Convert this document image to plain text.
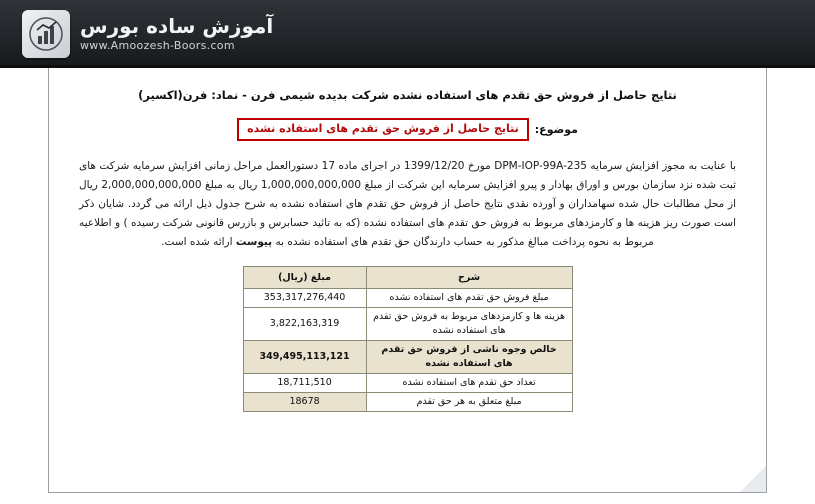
آموزش ساده بورس
www.Amoozesh-Boors.com
نتایج حاصل از فروش حق تقدم های استفاده نشده شرکت بدیده شیمی فرن - نماد: فرن(اکسیر)
موضوع:
نتایج حاصل از فروش حق تقدم های استفاده نشده
با عنایت به مجوز افزایش سرمایه DPM-IOP-99A-235 مورخ 1399/12/20 در اجرای ماده 17 دستورالعمل مراحل زمانی افزایش سرمایه شرکت های ثبت شده نزد سازمان بورس و اوراق بهادار و پیرو افزایش سرمایه این شرکت از مبلغ 1,000,000,000,000 ریال به مبلغ 2,000,000,000,000 ریال از محل مطالبات حال شده سهامداران و آورده نقدی نتایج حاصل از فروش حق تقدم های استفاده نشده به شرح جدول ذیل ارائه می گردد. شایان ذکر است صورت ریز هزینه ها و کارمزدهای مربوط به فروش حق تقدم های استفاده نشده (که به تائید حسابرس و بازرس قانونی شرکت رسیده ) و اطلاعیه مربوط به نحوه پرداخت مبالغ مذکور به حساب دارندگان حق تقدم های استفاده نشده به پیوست ارائه شده است.
شرح	مبلغ (ریال)
مبلغ فروش حق تقدم های استفاده نشده	353,317,276,440
هزینه ها و کارمزدهای مربوط به فروش حق تقدم های استفاده نشده	3,822,163,319
خالص وجوه ناشی از فروش حق تقدم های استفاده نشده	349,495,113,121
تعداد حق تقدم های استفاده نشده	18,711,510
مبلغ متعلق به هر حق تقدم	18678
